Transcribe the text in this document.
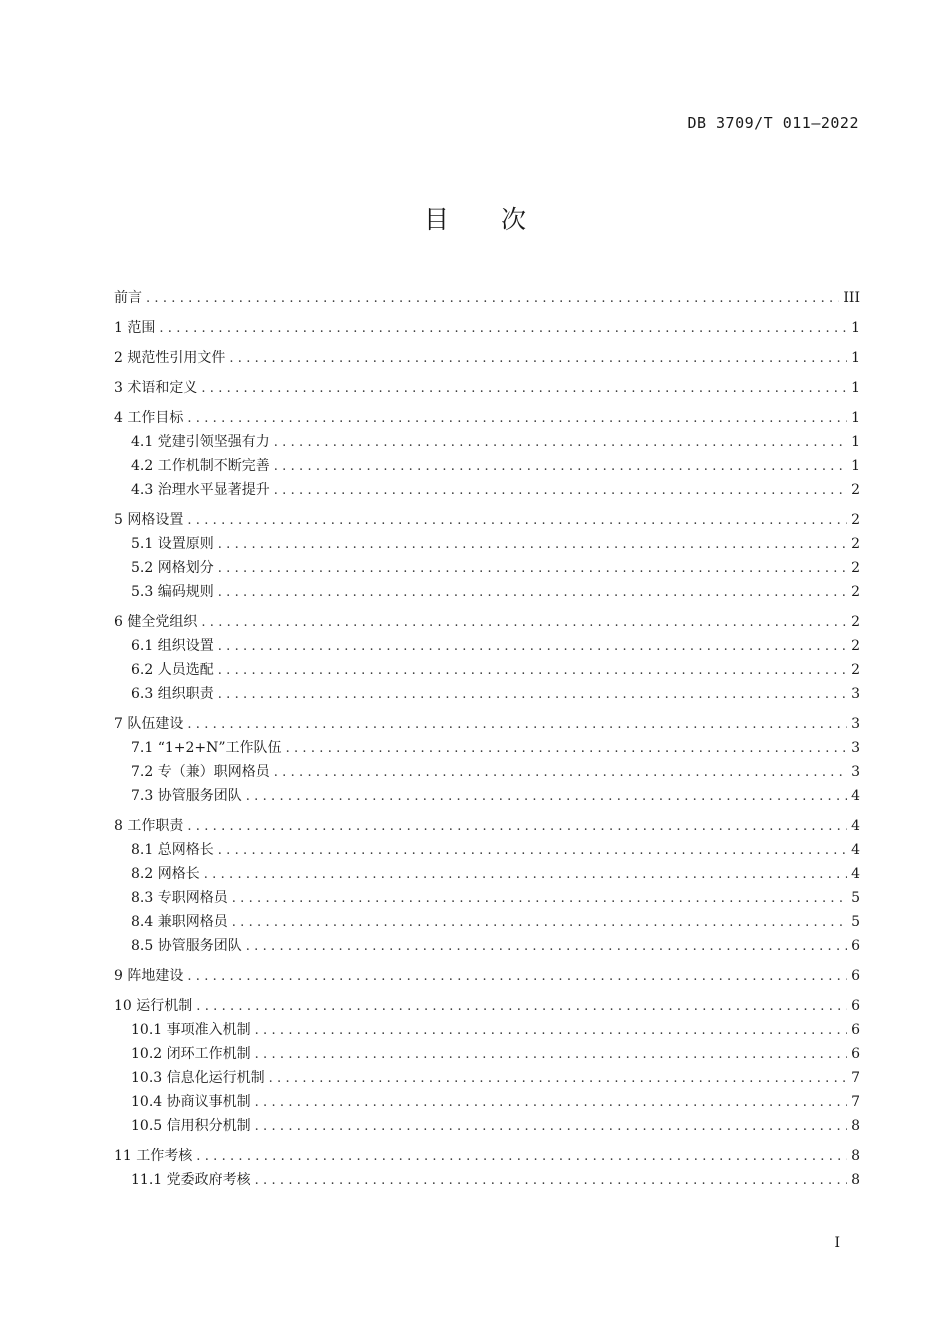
DB 3709/T 011—2022
目次
前言 .....	III
1 范围 .....	1
2 规范性引用文件 .....	1
3 术语和定义 .....	1
4 工作目标 .....	1
4.1 党建引领坚强有力 .....	1
4.2 工作机制不断完善 .....	1
4.3 治理水平显著提升 .....	2
5 网格设置 .....	2
5.1 设置原则 .....	2
5.2 网格划分 .....	2
5.3 编码规则 .....	2
6 健全党组织 .....	2
6.1 组织设置 .....	2
6.2 人员选配 .....	2
6.3 组织职责 .....	3
7 队伍建设 .....	3
7.1 “1+2+N”工作队伍 .....	3
7.2 专（兼）职网格员 .....	3
7.3 协管服务团队 .....	4
8 工作职责 .....	4
8.1 总网格长 .....	4
8.2 网格长 .....	4
8.3 专职网格员 .....	5
8.4 兼职网格员 .....	5
8.5 协管服务团队 .....	6
9 阵地建设 .....	6
10 运行机制 .....	6
10.1 事项准入机制 .....	6
10.2 闭环工作机制 .....	6
10.3 信息化运行机制 .....	7
10.4 协商议事机制 .....	7
10.5 信用积分机制 .....	8
11 工作考核 .....	8
11.1 党委政府考核 .....	8
I
